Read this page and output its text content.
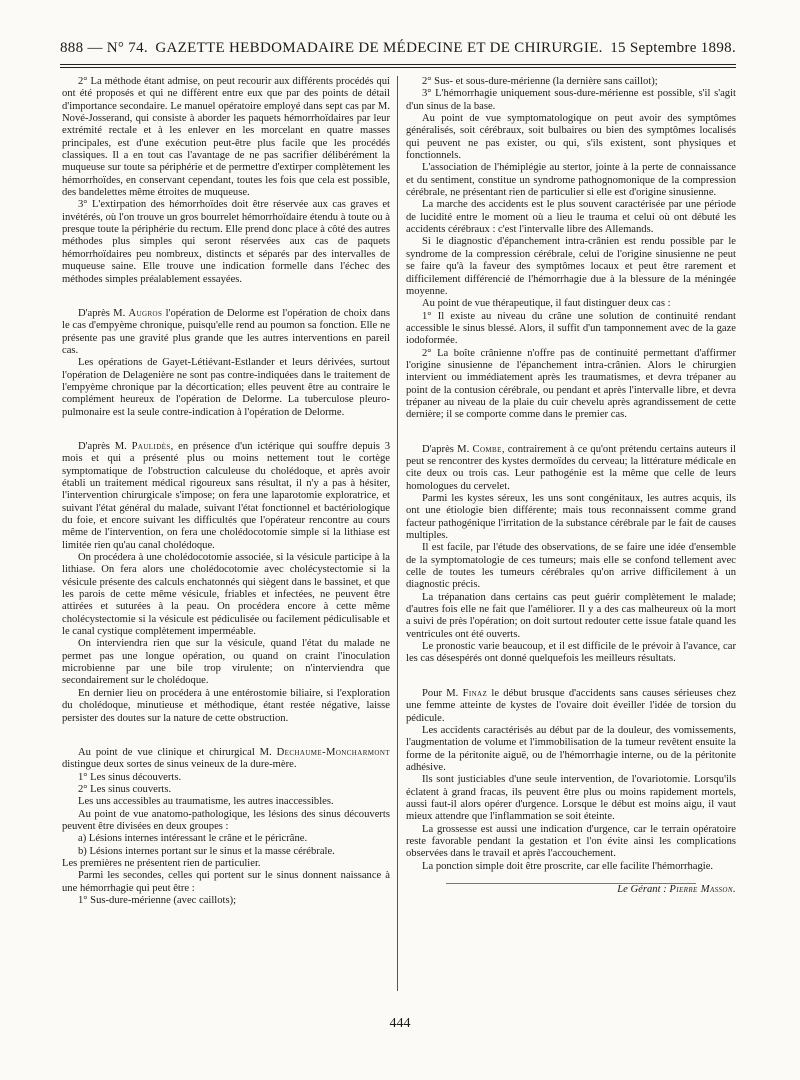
888 — N° 74. GAZETTE HEBDOMADAIRE DE MÉDECINE ET DE CHIRURGIE. 15 Septembre 1898.

2° La méthode étant admise, on peut recourir aux différents procédés qui ont été proposés et qui ne diffèrent entre eux que par des points de détail d'importance secondaire. Le manuel opératoire employé dans sept cas par M. Nové-Josserand, qui consiste à aborder les paquets hémorrhoïdaires par leur extrémité rectale et à les enlever en les morcelant en quatre masses principales, est d'une exécution peut-être plus facile que les procédés classiques. Il a en tout cas l'avantage de ne pas sacrifier délibérément la muqueuse sur toute sa périphérie et de permettre d'extirper complètement les hémorrhoïdes, en conservant cependant, toutes les fois que cela est possible, des bandelettes même étroites de muqueuse.

3° L'extirpation des hémorrhoïdes doit être réservée aux cas graves et invétérés, où l'on trouve un gros bourrelet hémorrhoïdaire étendu à toute ou à presque toute la périphérie du rectum. Elle prend donc place à côté des autres méthodes plus simples qui seront réservées aux cas de paquets hémorrhoïdaires peu nombreux, distincts et séparés par des intervalles de muqueuse saine. Elle trouve une indication formelle dans l'échec des méthodes simples préalablement essayées.

D'après M. Augros l'opération de Delorme est l'opération de choix dans le cas d'empyème chronique, puisqu'elle rend au poumon sa fonction. Elle ne présente pas une gravité plus grande que les autres interventions en pareil cas.

Les opérations de Gayet-Létiévant-Estlander et leurs dérivées, surtout l'opération de Delagenière ne sont pas contre-indiquées dans le traitement de l'empyème chronique par la décortication; elles peuvent être au contraire le complément heureux de l'opération de Delorme. La tuberculose pleuro-pulmonaire est la seule contre-indication à l'opération de Delorme.

D'après M. Paulidès, en présence d'un ictérique qui souffre depuis 3 mois et qui a présenté plus ou moins nettement tout le cortège symptomatique de l'obstruction calculeuse du cholédoque, et après avoir établi un traitement médical rigoureux sans résultat, il n'y a pas à hésiter, l'intervention chirurgicale s'impose; on fera une laparotomie exploratrice, et suivant l'état général du malade, suivant l'état fonctionnel et bactériologique du foie, et encore suivant les difficultés que l'opérateur rencontre au cours même de l'intervention, on fera une cholédocotomie simple si la lithiase est limitée rien qu'au canal cholédoque.

On procédera à une cholédocotomie associée, si la vésicule participe à la lithiase. On fera alors une cholédocotomie avec cholécystectomie si la vésicule présente des calculs enchatonnés qui siègent dans le bassinet, et que les parois de cette même vésicule, friables et infectées, ne peuvent être attirées et suturées à la peau. On procédera encore à cette même cholécystectomie si la vésicule est pédiculisée ou facilement pédiculisable et le canal cystique complètement imperméable.

On interviendra rien que sur la vésicule, quand l'état du malade ne permet pas une longue opération, ou quand on craint l'inoculation microbienne par une bile trop virulente; on n'interviendra que secondairement sur le cholédoque.

En dernier lieu on procédera à une entérostomie biliaire, si l'exploration du cholédoque, minutieuse et méthodique, étant restée négative, laisse persister des doutes sur la nature de cette obstruction.

Au point de vue clinique et chirurgical M. Dechaume-Moncharmont distingue deux sortes de sinus veineux de la dure-mère.

1° Les sinus découverts.

2° Les sinus couverts.

Les uns accessibles au traumatisme, les autres inaccessibles.

Au point de vue anatomo-pathologique, les lésions des sinus découverts peuvent être divisées en deux groupes :

a) Lésions internes intéressant le crâne et le péricrâne.

b) Lésions internes portant sur le sinus et la masse cérébrale.

Les premières ne présentent rien de particulier.

Parmi les secondes, celles qui portent sur le sinus donnent naissance à une hémorrhagie qui peut être :

1° Sus-dure-mérienne (avec caillots);

2° Sus- et sous-dure-mérienne (la dernière sans caillot);

3° L'hémorrhagie uniquement sous-dure-mérienne est possible, s'il s'agit d'un sinus de la base.

Au point de vue symptomatologique on peut avoir des symptômes généralisés, soit cérébraux, soit bulbaires ou bien des symptômes localisés qui peuvent ne pas exister, ou qui, s'ils existent, sont physiques et fonctionnels.

L'association de l'hémiplégie au stertor, jointe à la perte de connaissance et du sentiment, constitue un syndrome pathognomonique de la compression cérébrale, ne présentant rien de particulier si elle est d'origine sinusienne.

La marche des accidents est le plus souvent caractérisée par une période de lucidité entre le moment où a lieu le trauma et celui où ont débuté les accidents cérébraux : c'est l'intervalle libre des Allemands.

Si le diagnostic d'épanchement intra-crânien est rendu possible par le syndrome de la compression cérébrale, celui de l'origine sinusienne ne peut se faire qu'à la faveur des symptômes locaux et peut être rarement et difficilement différencié de l'hémorrhagie due à la blessure de la méningée moyenne.

Au point de vue thérapeutique, il faut distinguer deux cas :

1° Il existe au niveau du crâne une solution de continuité rendant accessible le sinus blessé. Alors, il suffit d'un tamponnement avec de la gaze iodoformée.

2° La boîte crânienne n'offre pas de continuité permettant d'affirmer l'origine sinusienne de l'épanchement intra-crânien. Alors le chirurgien intervient ou immédiatement après les traumatismes, et devra trépaner au point de la contusion cérébrale, ou pendant et après l'intervalle libre, et devra trépaner au niveau de la plaie du cuir chevelu après agrandissement de cette dernière; il se comporte comme dans le premier cas.

D'après M. Combe, contrairement à ce qu'ont prétendu certains auteurs il peut se rencontrer des kystes dermoïdes du cerveau; la littérature médicale en cite deux ou trois cas. Leur pathogénie est la même que celle de leurs homologues du cervelet.

Parmi les kystes séreux, les uns sont congénitaux, les autres acquis, ils ont une étiologie bien différente; mais tous reconnaissent comme grand facteur pathogénique l'irritation de la substance cérébrale par le fait de causes multiples.

Il est facile, par l'étude des observations, de se faire une idée d'ensemble de la symptomatologie de ces tumeurs; mais elle se confond tellement avec celle de toutes les tumeurs cérébrales qu'on arrive difficilement à un diagnostic précis.

La trépanation dans certains cas peut guérir complètement le malade; d'autres fois elle ne fait que l'améliorer. Il y a des cas malheureux où la mort a suivi de près l'opération; on doit surtout redouter cette issue fatale quand les ventricules ont été ouverts.

Le pronostic varie beaucoup, et il est difficile de le prévoir à l'avance, car les cas désespérés ont donné quelquefois les meilleurs résultats.

Pour M. Finaz le début brusque d'accidents sans causes sérieuses chez une femme atteinte de kystes de l'ovaire doit éveiller l'idée de torsion du pédicule.

Les accidents caractérisés au début par de la douleur, des vomissements, l'augmentation de volume et l'immobilisation de la tumeur revêtent ensuite la forme de la péritonite aiguë, ou de l'hémorrhagie interne, ou de la péritonite adhésive.

Ils sont justiciables d'une seule intervention, de l'ovariotomie. Lorsqu'ils éclatent à grand fracas, ils peuvent être plus ou moins rapidement mortels, aussi faut-il alors opérer d'urgence. Lorsque le début est moins aigu, il vaut mieux attendre que l'inflammation se soit éteinte.

La grossesse est aussi une indication d'urgence, car le terrain opératoire reste favorable pendant la gestation et l'on évite ainsi les complications observées dans le travail et après l'accouchement.

La ponction simple doit être proscrite, car elle facilite l'hémorrhagie.

Le Gérant : Pierre Masson.

444
